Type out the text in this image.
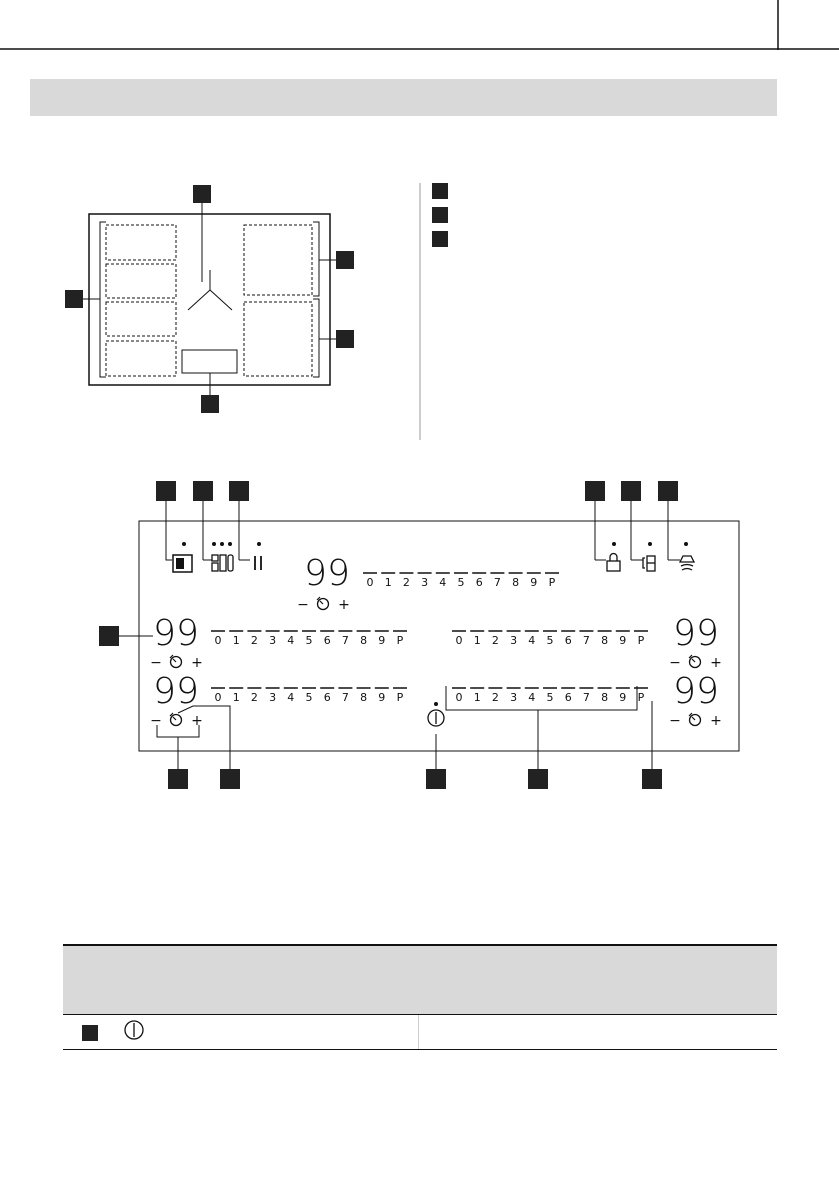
99
99
99
99
99
0 1 2 3 4 5 6 7 8 9 P
0 1 2 3 4 5 6 7 8 9 P
0 1 2 3 4 5 6 7 8 9 P
0 1 2 3 4 5 6 7 8 9 P
0 1 2 3 4 5 6 7 8 9 P
− +
− +
− +
− +
− +
